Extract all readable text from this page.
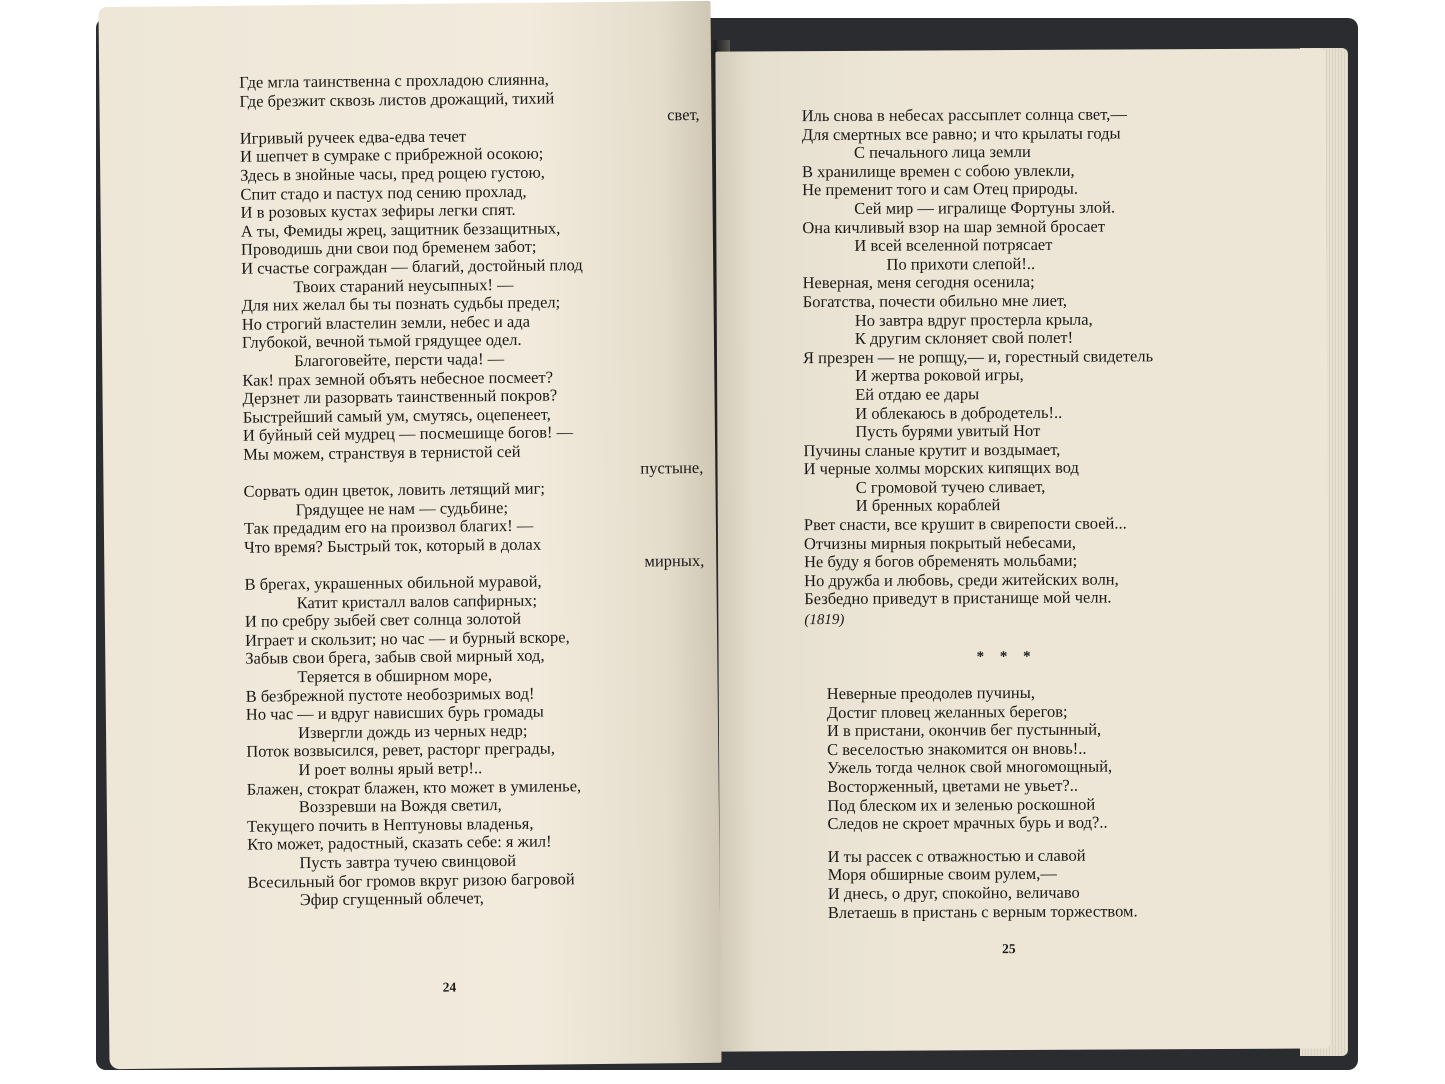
Где мгла таинственна с прохладою слиянна,
Где брезжит сквозь листов дрожащий, тихий
свет,
Игривый ручеек едва-едва течет
И шепчет в сумраке с прибрежной осокою;
Здесь в знойные часы, пред рощею густою,
Спит стадо и пастух под сению прохлад,
И в розовых кустах зефиры легки спят.
А ты, Фемиды жрец, защитник беззащитных,
Проводишь дни свои под бременем забот;
И счастье сограждан — благий, достойный плод
Твоих стараний неусыпных! —
Для них желал бы ты познать судьбы предел;
Но строгий властелин земли, небес и ада
Глубокой, вечной тьмой грядущее одел.
Благоговейте, персти чада! —
Как! прах земной объять небесное посмеет?
Дерзнет ли разорвать таинственный покров?
Быстрейший самый ум, смутясь, оцепенеет,
И буйный сей мудрец — посмешище богов! —
Мы можем, странствуя в тернистой сей
пустыне,
Сорвать один цветок, ловить летящий миг;
Грядущее не нам — судьбине;
Так предадим его на произвол благих! —
Что время? Быстрый ток, который в долах
мирных,
В брегах, украшенных обильной муравой,
Катит кристалл валов сапфирных;
И по сребру зыбей свет солнца золотой
Играет и скользит; но час — и бурный вскоре,
Забыв свои брега, забыв свой мирный ход,
Теряется в обширном море,
В безбрежной пустоте необозримых вод!
Но час — и вдруг нависших бурь громады
Извергли дождь из черных недр;
Поток возвысился, ревет, расторг преграды,
И роет волны ярый ветр!..
Блажен, стократ блажен, кто может в умиленье,
Воззревши на Вождя светил,
Текущего почить в Нептуновы владенья,
Кто может, радостный, сказать себе: я жил!
Пусть завтра тучею свинцовой
Всесильный бог громов вкруг ризою багровой
Эфир сгущенный облечет,
24
Иль снова в небесах рассыплет солнца свет,—
Для смертных все равно; и что крылаты годы
С печального лица земли
В хранилище времен с собою увлекли,
Не пременит того и сам Отец природы.
Сей мир — игралище Фортуны злой.
Она кичливый взор на шар земной бросает
И всей вселенной потрясает
По прихоти слепой!..
Неверная, меня сегодня осенила;
Богатства, почести обильно мне лиет,
Но завтра вдруг простерла крыла,
К другим склоняет свой полет!
Я презрен — не ропщу,— и, горестный свидетель
И жертва роковой игры,
Ей отдаю ее дары
И облекаюсь в добродетель!..
Пусть бурями увитый Нот
Пучины сланые крутит и воздымает,
И черные холмы морских кипящих вод
С громовой тучею сливает,
И бренных кораблей
Рвет снасти, все крушит в свирепости своей...
Отчизны мирныя покрытый небесами,
Не буду я богов обременять мольбами;
Но дружба и любовь, среди житейских волн,
Безбедно приведут в пристанище мой челн.
(1819)
* * *
Неверные преодолев пучины,
Достиг пловец желанных берегов;
И в пристани, окончив бег пустынный,
С веселостью знакомится он вновь!..
Ужель тогда челнок свой многомощный,
Восторженный, цветами не увьет?..
Под блеском их и зеленью роскошной
Следов не скроет мрачных бурь и вод?..
И ты рассек с отважностью и славой
Моря обширные своим рулем,—
И днесь, о друг, спокойно, величаво
Влетаешь в пристань с верным торжеством.
25
